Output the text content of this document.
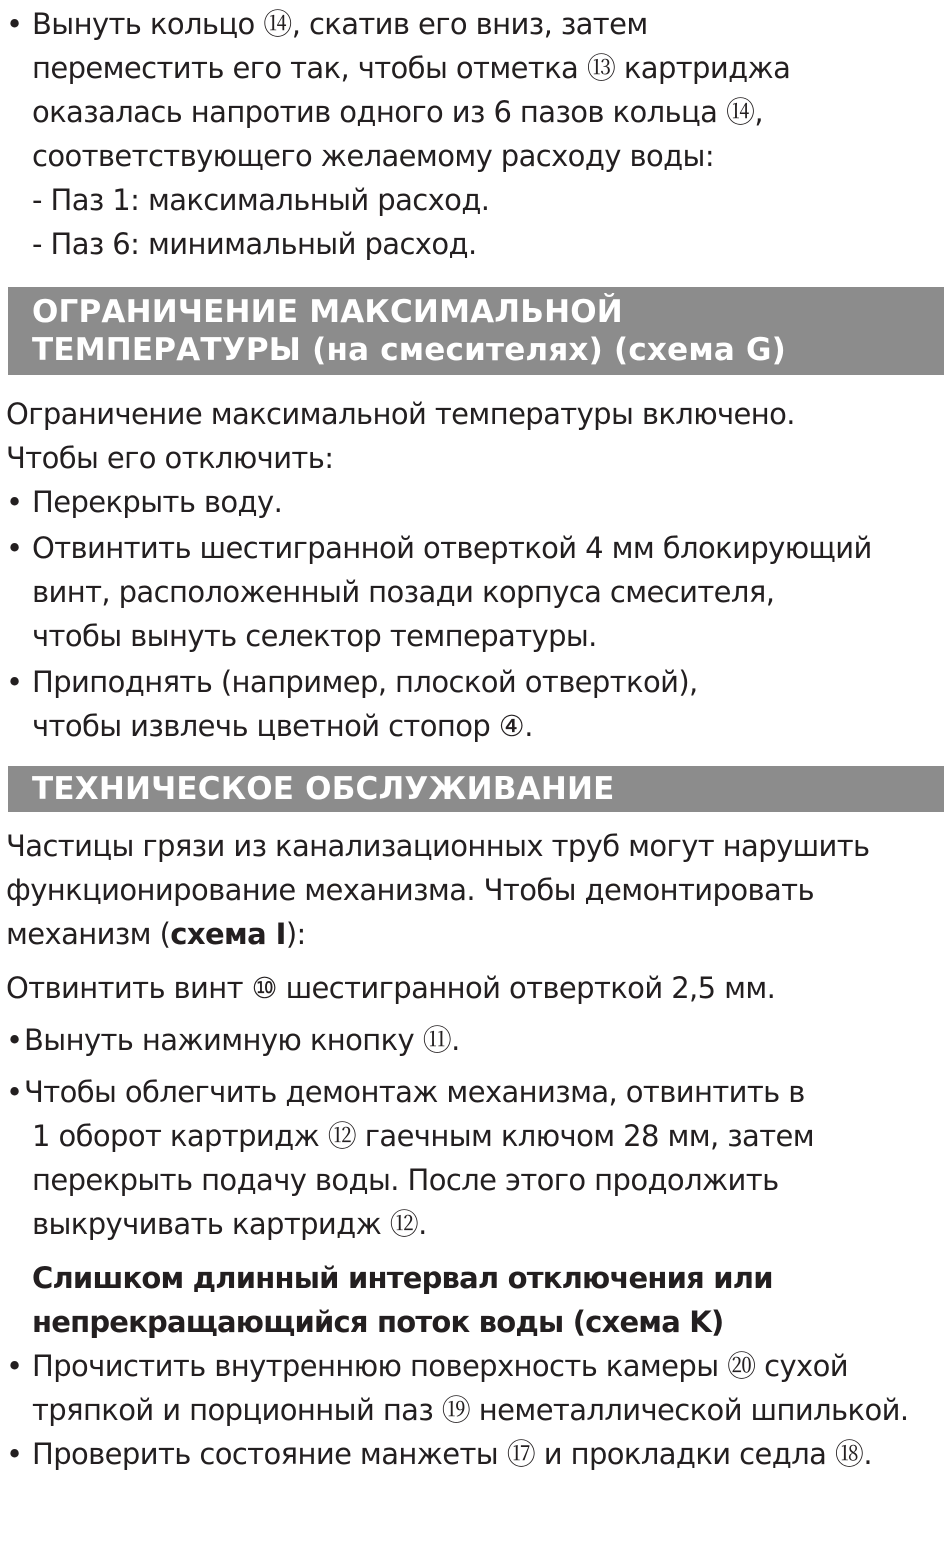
• Вынуть кольцо ⑭, скатив его вниз, затем
переместить его так, чтобы отметка ⑬ картриджа
оказалась напротив одного из 6 пазов кольца ⑭,
соответствующего желаемому расходу воды:
- Паз 1: максимальный расход.
- Паз 6: минимальный расход.
ОГРАНИЧЕНИЕ МАКСИМАЛЬНОЙ
ТЕМПЕРАТУРЫ (на смесителях) (схема G)
Ограничение максимальной температуры включено.
Чтобы его отключить:
• Перекрыть воду.
• Отвинтить шестигранной отверткой 4 мм блокирующий
винт, расположенный позади корпуса смесителя,
чтобы вынуть селектор температуры.
• Приподнять (например, плоской отверткой),
чтобы извлечь цветной стопор ④.
ТЕХНИЧЕСКОЕ ОБСЛУЖИВАНИЕ
Частицы грязи из канализационных труб могут нарушить
функционирование механизма. Чтобы демонтировать
механизм (схема I):
Отвинтить винт ⑩ шестигранной отверткой 2,5 мм.
• Вынуть нажимную кнопку ⑪.
• Чтобы облегчить демонтаж механизма, отвинтить в
1 оборот картридж ⑫ гаечным ключом 28 мм, затем
перекрыть подачу воды. После этого продолжить
выкручивать картридж ⑫.
Слишком длинный интервал отключения или
непрекращающийся поток воды (схема K)
• Прочистить внутреннюю поверхность камеры ⑳ сухой
тряпкой и порционный паз ⑲ неметаллической шпилькой.
• Проверить состояние манжеты ⑰ и прокладки седла ⑱.
